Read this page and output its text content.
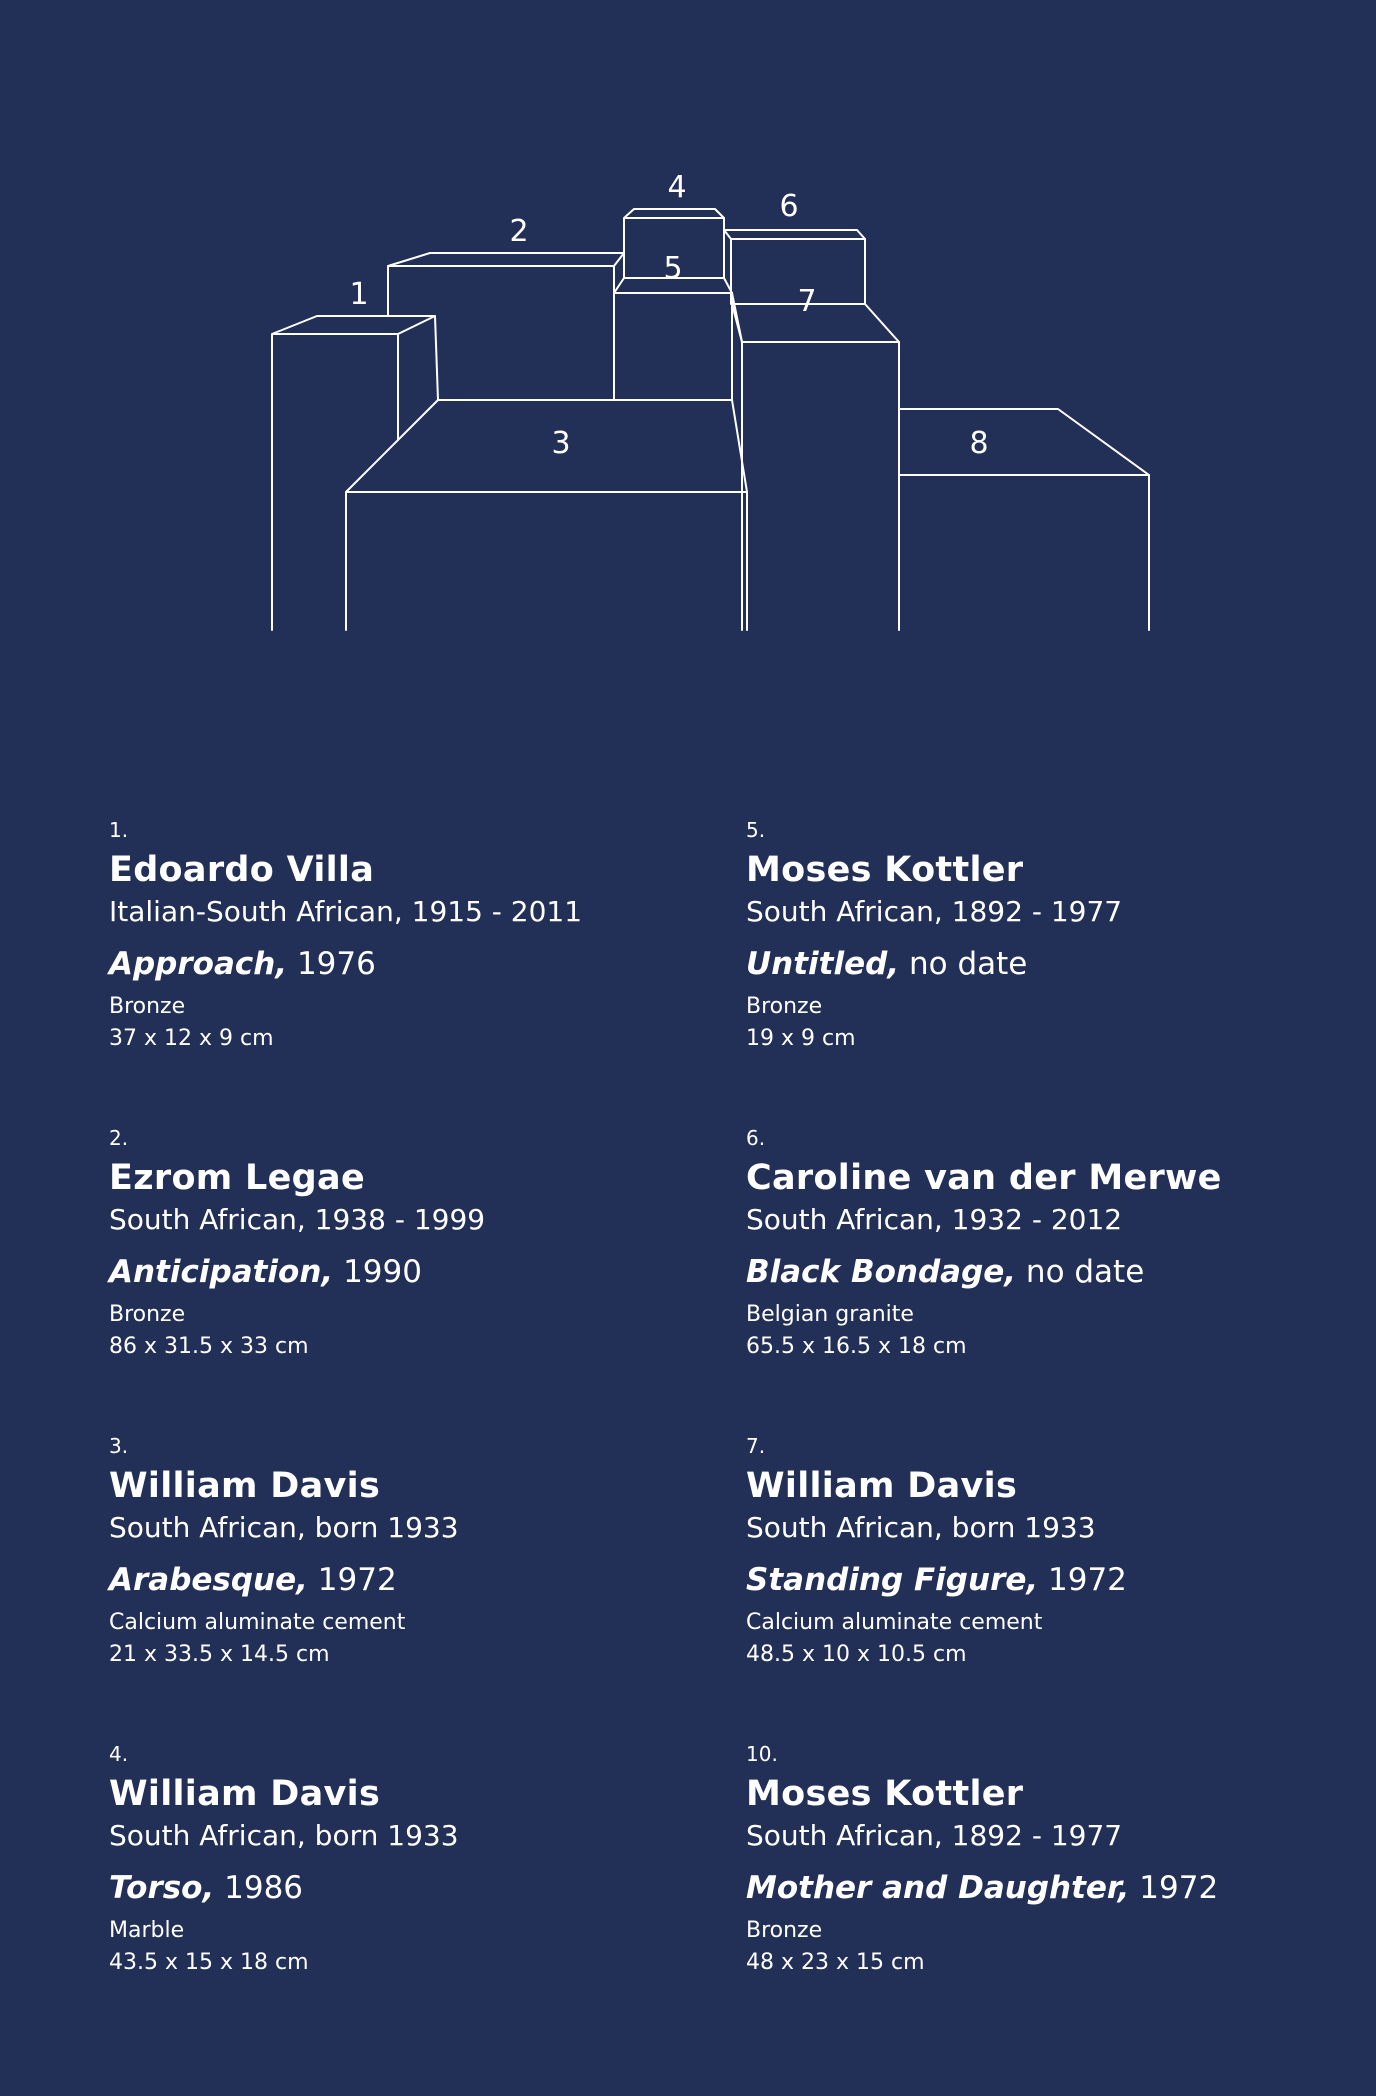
1
2
3
4
5
6
7
8
1.
Edoardo Villa
Italian-South African, 1915 - 2011
Approach, 1976
Bronze
37 x 12 x 9 cm
5.
Moses Kottler
South African, 1892 - 1977
Untitled, no date
Bronze
19 x 9 cm
2.
Ezrom Legae
South African, 1938 - 1999
Anticipation, 1990
Bronze
86 x 31.5 x 33 cm
6.
Caroline van der Merwe
South African, 1932 - 2012
Black Bondage, no date
Belgian granite
65.5 x 16.5 x 18 cm
3.
William Davis
South African, born 1933
Arabesque, 1972
Calcium aluminate cement
21 x 33.5 x 14.5 cm
7.
William Davis
South African, born 1933
Standing Figure, 1972
Calcium aluminate cement
48.5 x 10 x 10.5 cm
4.
William Davis
South African, born 1933
Torso, 1986
Marble
43.5 x 15 x 18 cm
10.
Moses Kottler
South African, 1892 - 1977
Mother and Daughter, 1972
Bronze
48 x 23 x 15 cm
